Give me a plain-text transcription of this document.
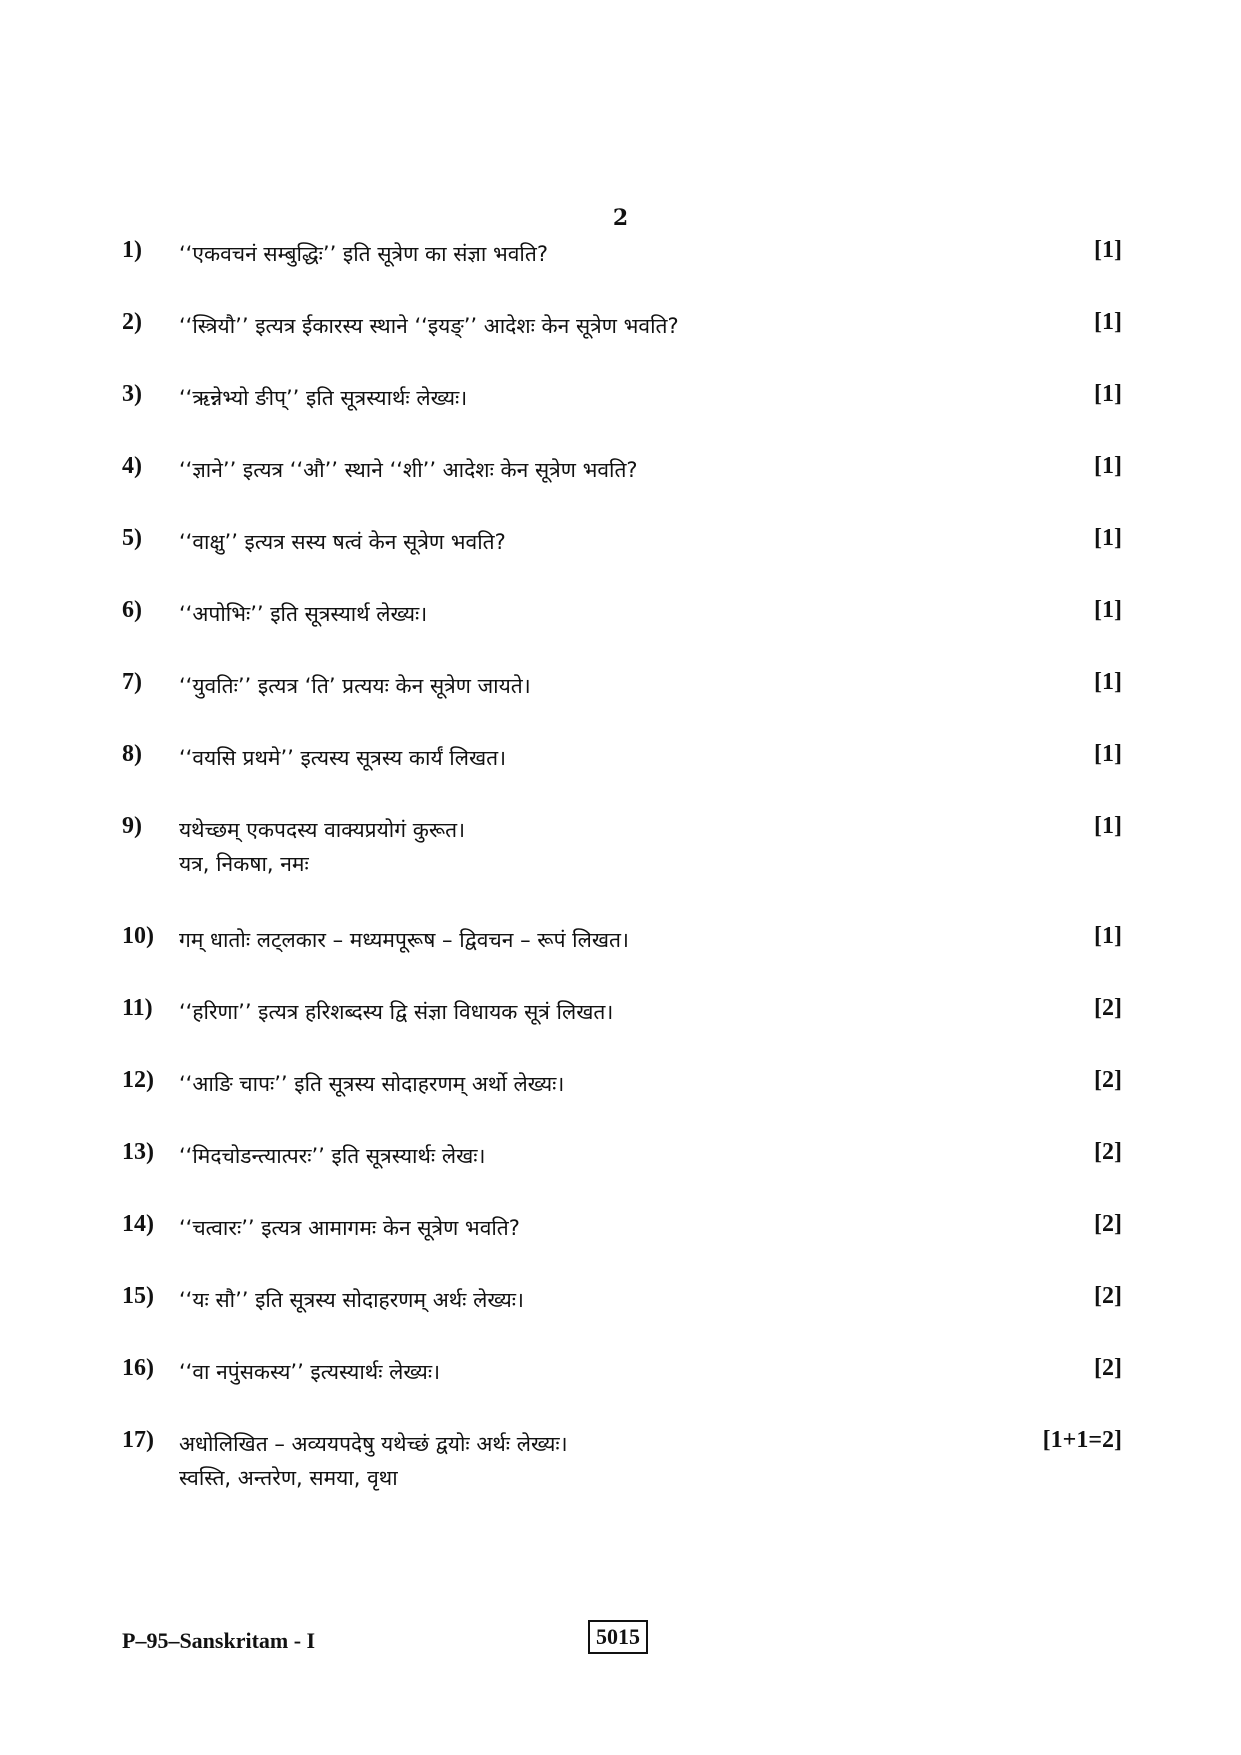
2
1) ‘‘एकवचनं सम्बुद्धिः’’ इति सूत्रेण का संज्ञा भवति?	[1]
2) ‘‘स्त्रियौ’’ इत्यत्र ईकारस्य स्थाने ‘‘इयङ्’’ आदेशः केन सूत्रेण भवति?	[1]
3) ‘‘ऋन्नेभ्यो ङीप्’’ इति सूत्रस्यार्थः लेख्यः।	[1]
4) ‘‘ज्ञाने’’ इत्यत्र ‘‘औ’’ स्थाने ‘‘शी’’ आदेशः केन सूत्रेण भवति?	[1]
5) ‘‘वाक्षु’’ इत्यत्र सस्य षत्वं केन सूत्रेण भवति?	[1]
6) ‘‘अपोभिः’’ इति सूत्रस्यार्थ लेख्यः।	[1]
7) ‘‘युवतिः’’ इत्यत्र ‘ति’ प्रत्ययः केन सूत्रेण जायते।	[1]
8) ‘‘वयसि प्रथमे’’ इत्यस्य सूत्रस्य कार्यं लिखत।	[1]
9) यथेच्छम् एकपदस्य वाक्यप्रयोगं कुरूत।
यत्र, निकषा, नमः
[1]
10) गम् धातोः लट्लकार – मध्यमपूरूष – द्विवचन – रूपं लिखत।	[1]
11) ‘‘हरिणा’’ इत्यत्र हरिशब्दस्य द्वि संज्ञा विधायक सूत्रं लिखत।	[2]
12) ‘‘आङि चापः’’ इति सूत्रस्य सोदाहरणम् अर्थो लेख्यः।	[2]
13) ‘‘मिदचोडन्त्यात्परः’’ इति सूत्रस्यार्थः लेखः।	[2]
14) ‘‘चत्वारः’’ इत्यत्र आमागमः केन सूत्रेण भवति?	[2]
15) ‘‘यः सौ’’ इति सूत्रस्य सोदाहरणम् अर्थः लेख्यः।	[2]
16) ‘‘वा नपुंसकस्य’’ इत्यस्यार्थः लेख्यः।	[2]
17) अधोलिखित – अव्ययपदेषु यथेच्छं द्वयोः अर्थः लेख्यः।
स्वस्ति, अन्तरेण, समया, वृथा
[1+1=2]
P–95–Sanskritam - I	5015
